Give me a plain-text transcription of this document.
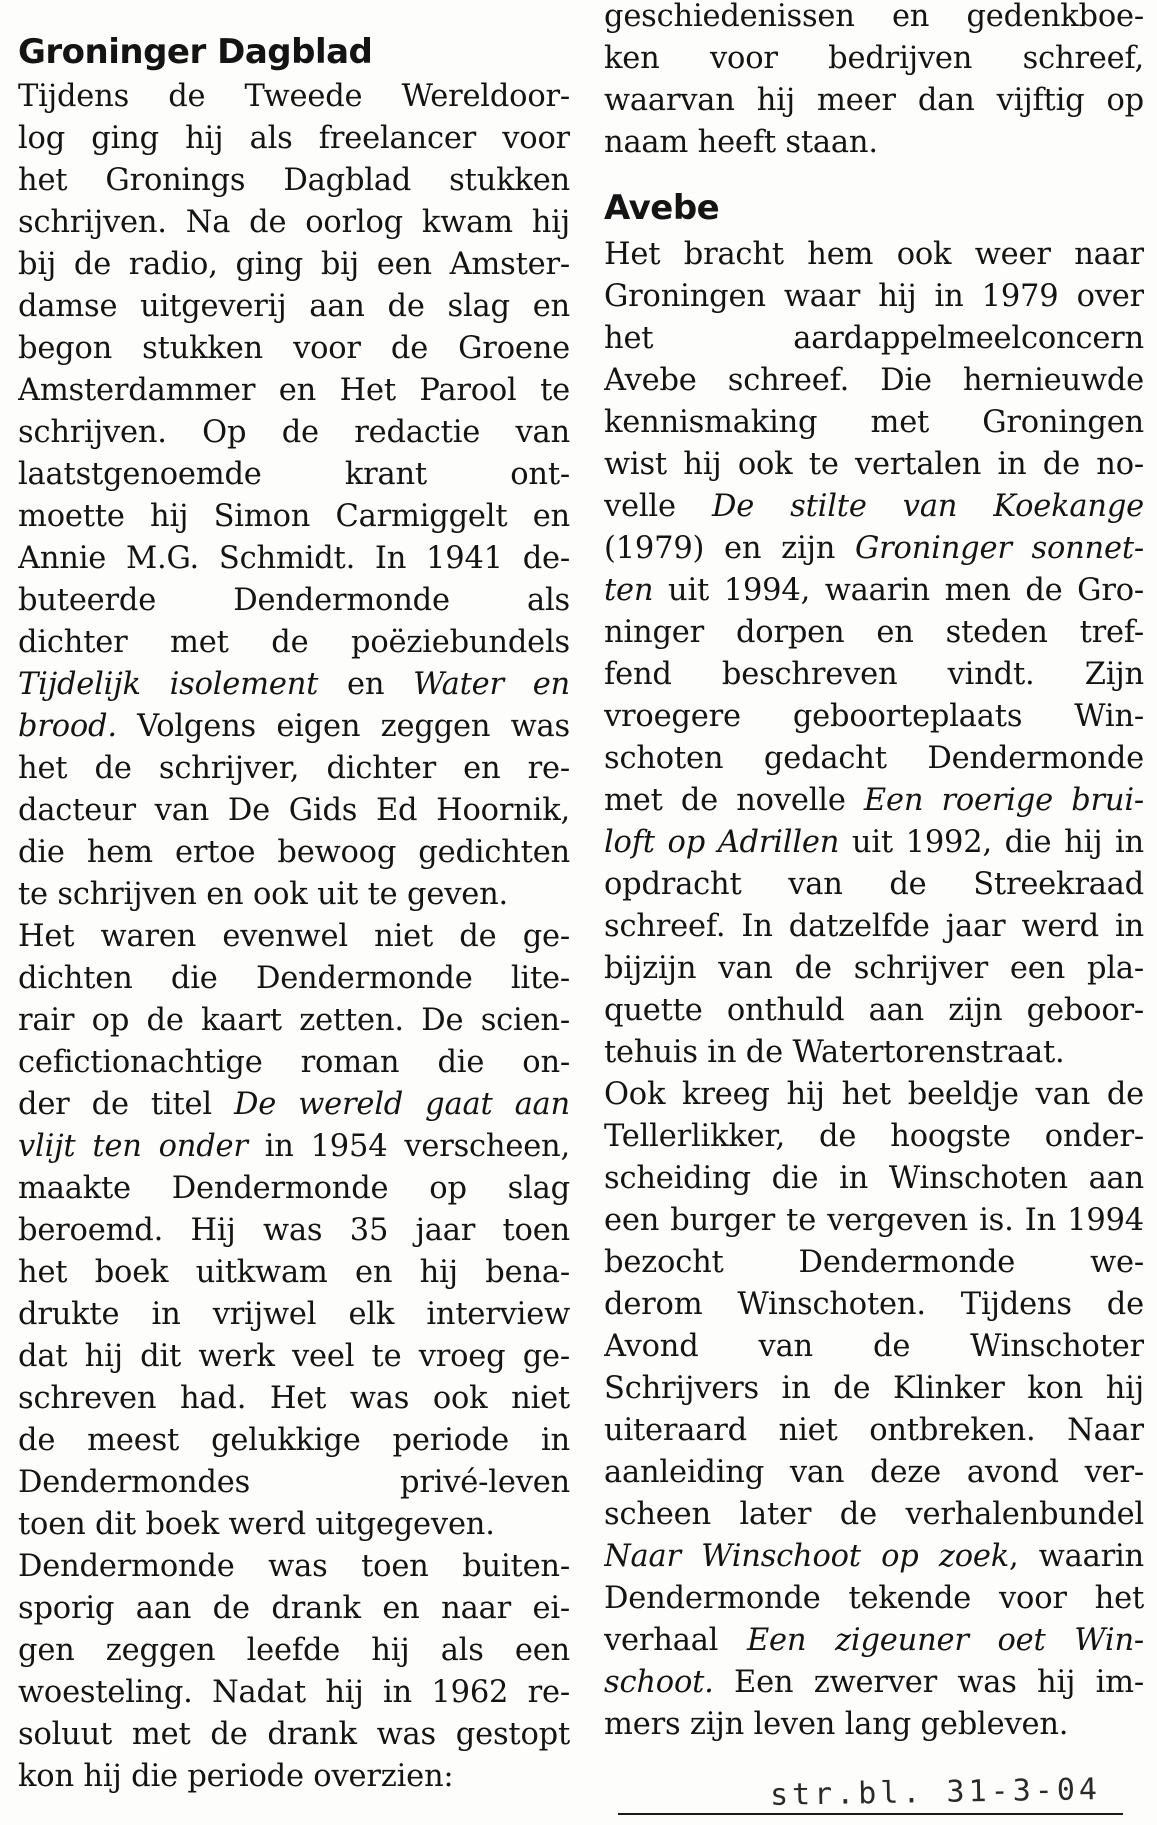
Groninger Dagblad
Tijdens de Tweede Wereldoor-
log ging hij als freelancer voor
het Gronings Dagblad stukken
schrijven. Na de oorlog kwam hij
bij de radio, ging bij een Amster-
damse uitgeverij aan de slag en
begon stukken voor de Groene
Amsterdammer en Het Parool te
schrijven. Op de redactie van
laatstgenoemde krant ont-
moette hij Simon Carmiggelt en
Annie M.G. Schmidt. In 1941 de-
buteerde Dendermonde als
dichter met de poëziebundels
Tijdelijk isolement en Water en
brood. Volgens eigen zeggen was
het de schrijver, dichter en re-
dacteur van De Gids Ed Hoornik,
die hem ertoe bewoog gedichten
te schrijven en ook uit te geven.
Het waren evenwel niet de ge-
dichten die Dendermonde lite-
rair op de kaart zetten. De scien-
cefictionachtige roman die on-
der de titel De wereld gaat aan
vlijt ten onder in 1954 verscheen,
maakte Dendermonde op slag
beroemd. Hij was 35 jaar toen
het boek uitkwam en hij bena-
drukte in vrijwel elk interview
dat hij dit werk veel te vroeg ge-
schreven had. Het was ook niet
de meest gelukkige periode in
Dendermondes privé-leven
toen dit boek werd uitgegeven.
Dendermonde was toen buiten-
sporig aan de drank en naar ei-
gen zeggen leefde hij als een
woesteling. Nadat hij in 1962 re-
soluut met de drank was gestopt
kon hij die periode overzien:
geschiedenissen en gedenkboe-
ken voor bedrijven schreef,
waarvan hij meer dan vijftig op
naam heeft staan.
Avebe
Het bracht hem ook weer naar
Groningen waar hij in 1979 over
het aardappelmeelconcern
Avebe schreef. Die hernieuwde
kennismaking met Groningen
wist hij ook te vertalen in de no-
velle De stilte van Koekange
(1979) en zijn Groninger sonnet-
ten uit 1994, waarin men de Gro-
ninger dorpen en steden tref-
fend beschreven vindt. Zijn
vroegere geboorteplaats Win-
schoten gedacht Dendermonde
met de novelle Een roerige brui-
loft op Adrillen uit 1992, die hij in
opdracht van de Streekraad
schreef. In datzelfde jaar werd in
bijzijn van de schrijver een pla-
quette onthuld aan zijn geboor-
tehuis in de Watertorenstraat.
Ook kreeg hij het beeldje van de
Tellerlikker, de hoogste onder-
scheiding die in Winschoten aan
een burger te vergeven is. In 1994
bezocht Dendermonde we-
derom Winschoten. Tijdens de
Avond van de Winschoter
Schrijvers in de Klinker kon hij
uiteraard niet ontbreken. Naar
aanleiding van deze avond ver-
scheen later de verhalenbundel
Naar Winschoot op zoek, waarin
Dendermonde tekende voor het
verhaal Een zigeuner oet Win-
schoot. Een zwerver was hij im-
mers zijn leven lang gebleven.
str.bl. 31-3-04
